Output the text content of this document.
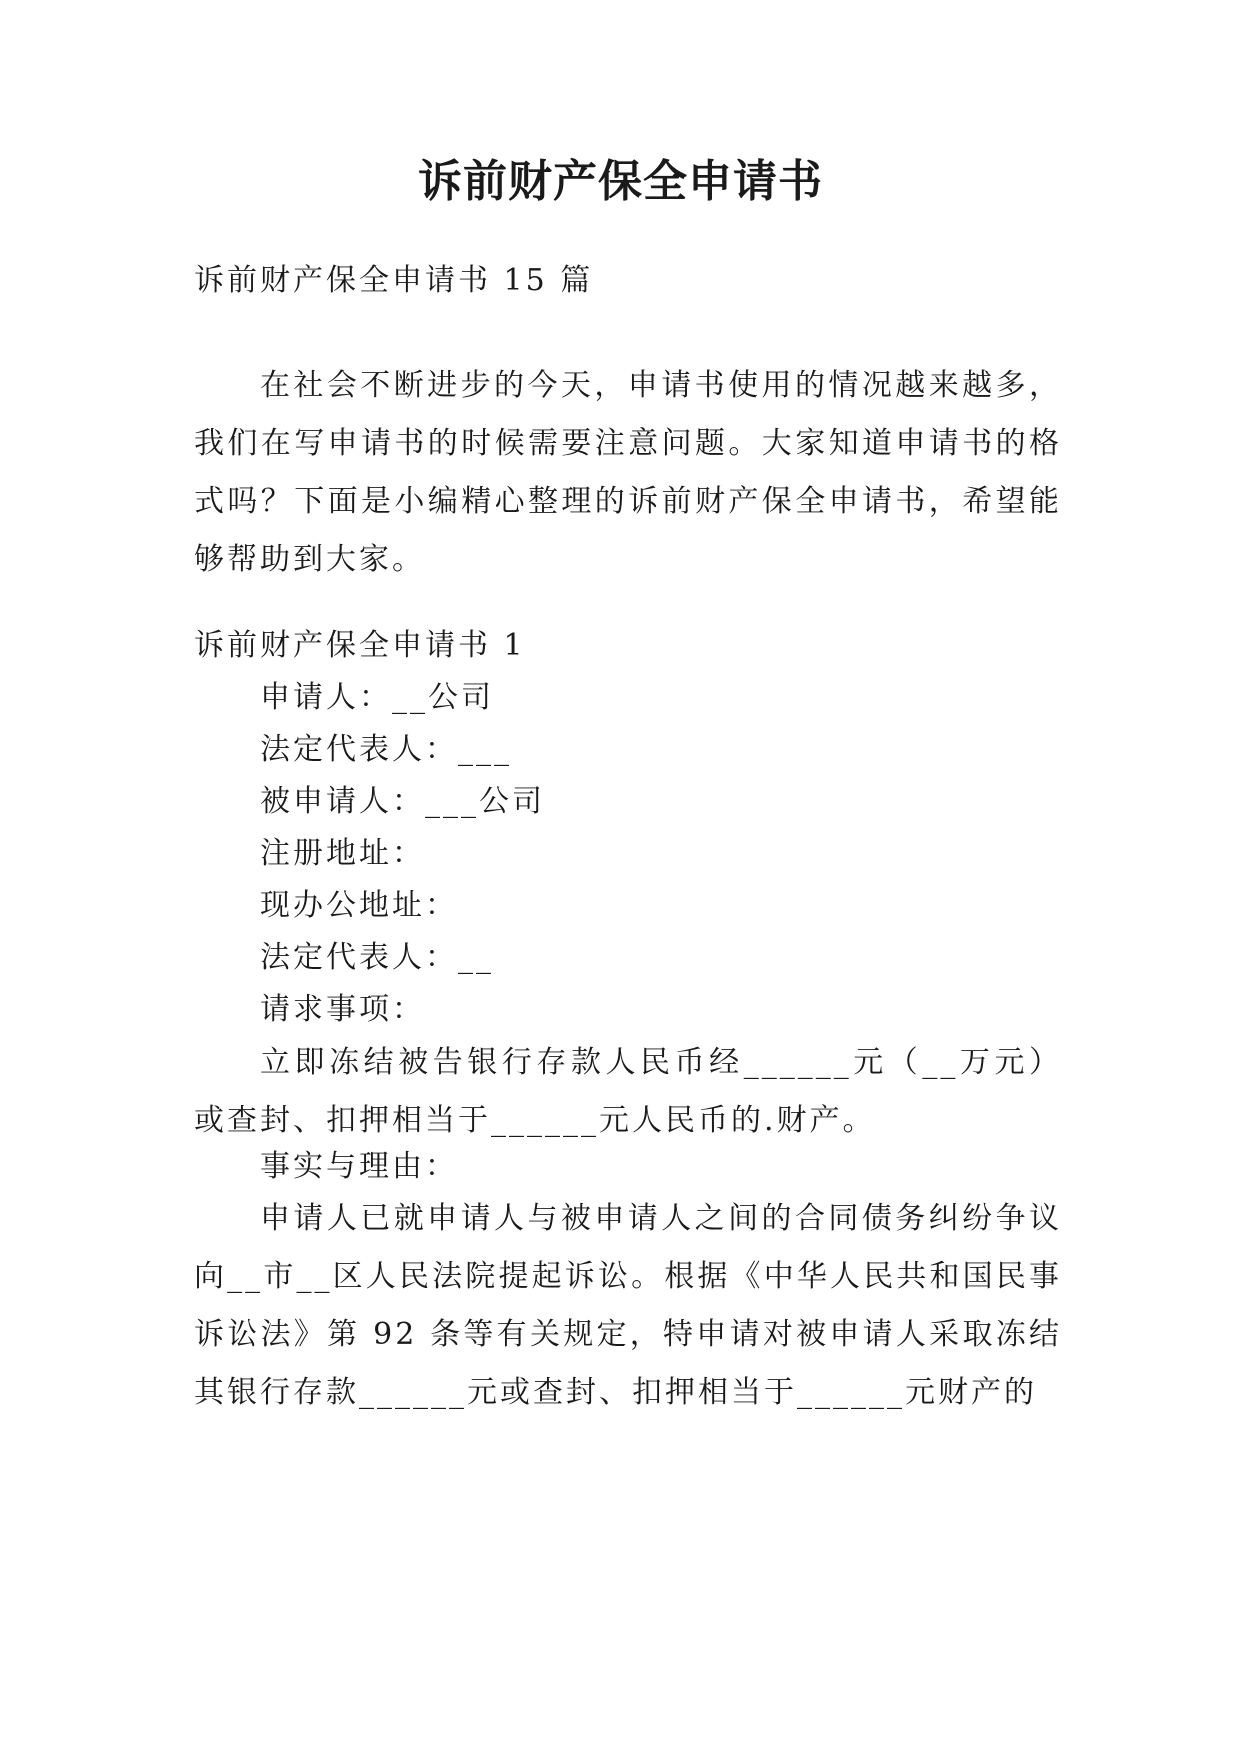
诉前财产保全申请书

诉前财产保全申请书 15 篇

在社会不断进步的今天，申请书使用的情况越来越多，我们在写申请书的时候需要注意问题。大家知道申请书的格式吗？下面是小编精心整理的诉前财产保全申请书，希望能够帮助到大家。

诉前财产保全申请书 1

申请人：__公司

法定代表人：___

被申请人：___公司

注册地址：

现办公地址：

法定代表人：__

请求事项：

立即冻结被告银行存款人民币经______元（__万元）或查封、扣押相当于______元人民币的.财产。

事实与理由：

申请人已就申请人与被申请人之间的合同债务纠纷争议向__市__区人民法院提起诉讼。根据《中华人民共和国民事诉讼法》第 92 条等有关规定，特申请对被申请人采取冻结其银行存款______元或查封、扣押相当于______元财产的
